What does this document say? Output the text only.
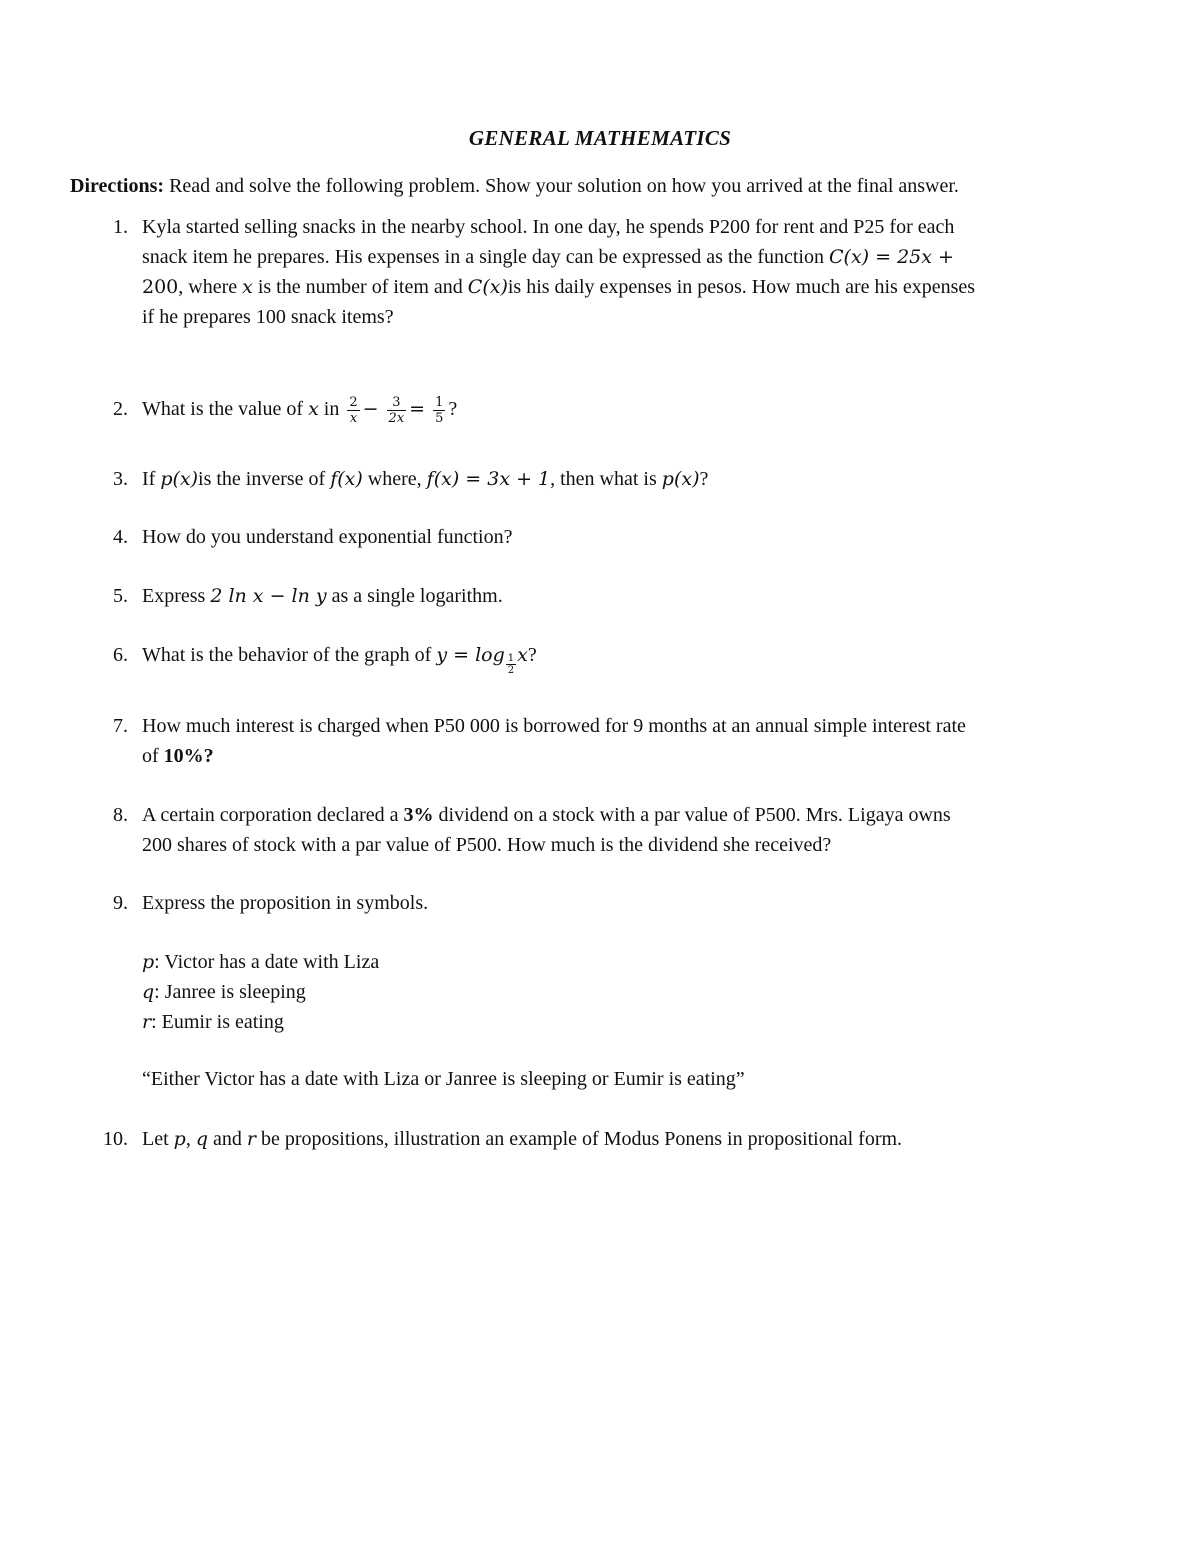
GENERAL MATHEMATICS
Directions: Read and solve the following problem. Show your solution on how you arrived at the final answer.
1. Kyla started selling snacks in the nearby school. In one day, he spends P200 for rent and P25 for each
snack item he prepares. His expenses in a single day can be expressed as the function C(x) = 25x +
200, where x is the number of item and C(x)is his daily expenses in pesos. How much are his expenses
if he prepares 100 snack items?
2. What is the value of x in $\frac{2}{x} - \frac{3}{2x} = \frac{1}{5}$ ?
3. If p(x)is the inverse of f(x) where, f(x) = 3x + 1, then what is p(x)?
4. How do you understand exponential function?
5. Express 2 ln x − ln y as a single logarithm.
6. What is the behavior of the graph of $y = \log \frac{1}{2} x$?
7. How much interest is charged when P50 000 is borrowed for 9 months at an annual simple interest rate
of 10%?
8. A certain corporation declared a 3% dividend on a stock with a par value of P500. Mrs. Ligaya owns
200 shares of stock with a par value of P500. How much is the dividend she received?
9. Express the proposition in symbols.
p: Victor has a date with Liza
q: Janree is sleeping
r: Eumir is eating
“Either Victor has a date with Liza or Janree is sleeping or Eumir is eating”
10. Let p, q and r be propositions, illustration an example of Modus Ponens in propositional form.
